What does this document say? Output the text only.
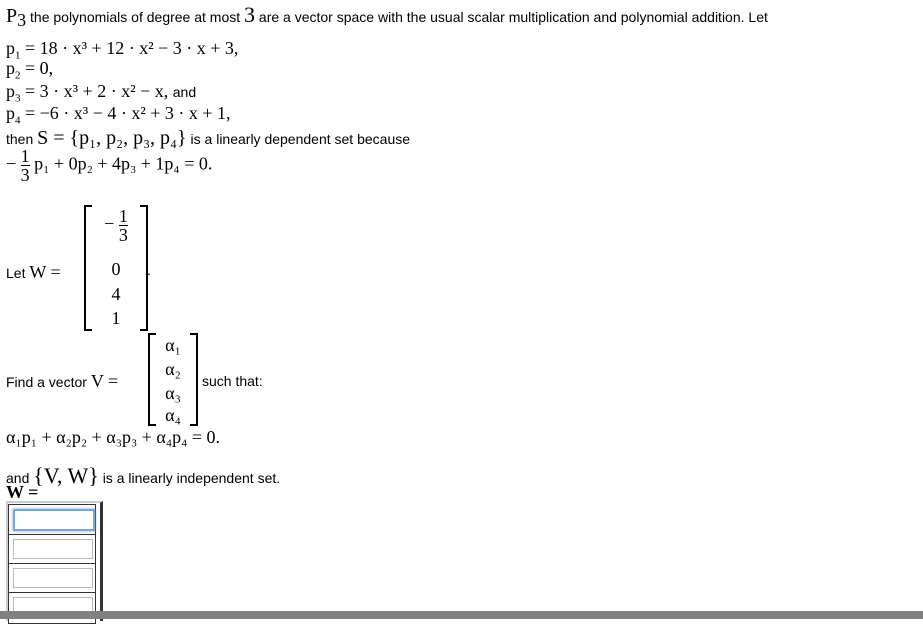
$P_3$ the polynomials of degree at most 3 are a vector space with the usual scalar multiplication and polynomial addition. Let
$p_1 = 18 \cdot x^3 + 12 \cdot x^2 - 3 \cdot x + 3$,
$p_2 = 0$,
$p_3 = 3 \cdot x^3 + 2 \cdot x^2 - x$, and
$p_4 = -6 \cdot x^3 - 4 \cdot x^2 + 3 \cdot x + 1$,
then S = {p₁, p₂, p₃, p₄} is a linearly dependent set because
− $\frac{1}{3} p_1 + 0p_2 + 4p_3 + 1p_4 = 0$.
Let W =
− $\frac{1}{3}$
0
4
1
.
Find a vector V =
α₁
α₂
α₃
α₄
such that:
α₁p₁ + α₂p₂ + α₃p₃ + α₄p₄ = 0.
and {V, W} is a linearly independent set.
W =
